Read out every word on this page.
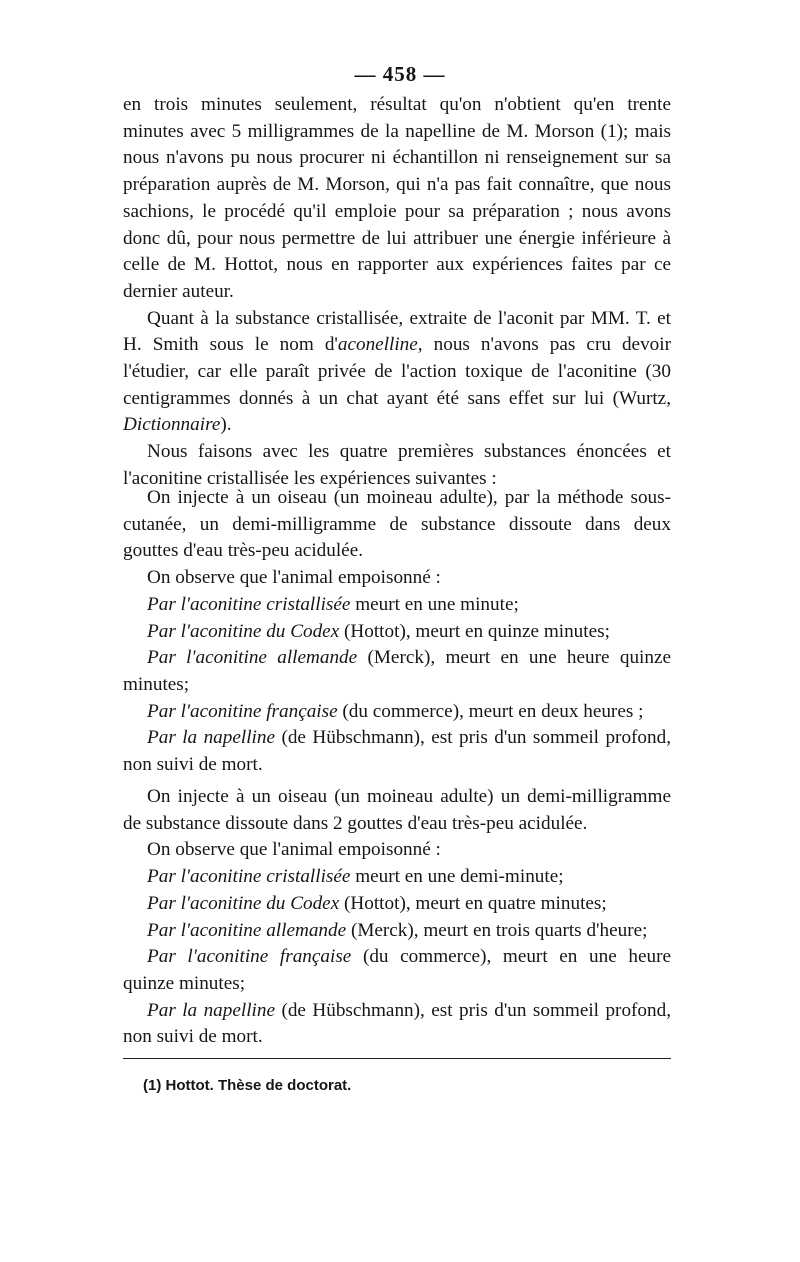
— 458 —

en trois minutes seulement, résultat qu'on n'obtient qu'en trente minutes avec 5 milligrammes de la napelline de M. Morson (1); mais nous n'avons pu nous procurer ni échantillon ni renseignement sur sa préparation auprès de M. Morson, qui n'a pas fait connaître, que nous sachions, le procédé qu'il emploie pour sa préparation ; nous avons donc dû, pour nous permettre de lui attribuer une énergie inférieure à celle de M. Hottot, nous en rapporter aux expériences faites par ce dernier auteur.

Quant à la substance cristallisée, extraite de l'aconit par MM. T. et H. Smith sous le nom d'aconelline, nous n'avons pas cru devoir l'étudier, car elle paraît privée de l'action toxique de l'aconitine (30 centigrammes donnés à un chat ayant été sans effet sur lui (Wurtz, Dictionnaire).

Nous faisons avec les quatre premières substances énoncées et l'aconitine cristallisée les expériences suivantes :

On injecte à un oiseau (un moineau adulte), par la méthode sous-cutanée, un demi-milligramme de substance dissoute dans deux gouttes d'eau très-peu acidulée.

On observe que l'animal empoisonné :

Par l'aconitine cristallisée meurt en une minute;

Par l'aconitine du Codex (Hottot), meurt en quinze minutes;

Par l'aconitine allemande (Merck), meurt en une heure quinze minutes;

Par l'aconitine française (du commerce), meurt en deux heures ;

Par la napelline (de Hübschmann), est pris d'un sommeil profond, non suivi de mort.

On injecte à un oiseau (un moineau adulte) un demi-milligramme de substance dissoute dans 2 gouttes d'eau très-peu acidulée.

On observe que l'animal empoisonné :

Par l'aconitine cristallisée meurt en une demi-minute;

Par l'aconitine du Codex (Hottot), meurt en quatre minutes;

Par l'aconitine allemande (Merck), meurt en trois quarts d'heure;

Par l'aconitine française (du commerce), meurt en une heure quinze minutes;

Par la napelline (de Hübschmann), est pris d'un sommeil profond, non suivi de mort.

(1) Hottot. Thèse de doctorat.
